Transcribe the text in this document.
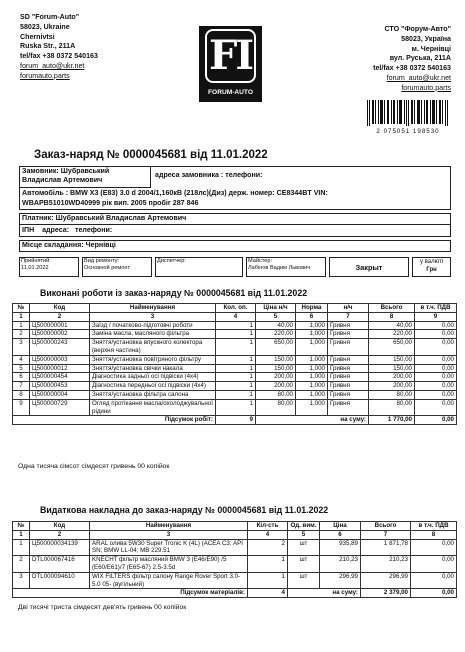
SD "Forum-Auto"
58023, Ukraine
Chernivtsi
Ruska Str., 211A
tel/fax +38 0372 540163
forum_auto@ukr.net
forumauto.parts	FI
FORUM-AUTO
СТО "Форум-Авто"
58023, Україна
м. Чернівці
вул. Руська, 211А
tel/fax +38 0372 540163
forum_auto@ukr.net
forumauto.parts
2 075051 198530
Заказ-наряд № 0000045681 від 11.01.2022
Замовник: Шубравський Владислав Артемович
адреса замовника : телефони:
Автомобіль : BMW X3 (E83) 3.0 d 2004/1,160кВ (218лс)(Диз) держ. номер: CE8344BT VIN:
WBAPB51010WD40999 рік вип. 2005 пробіг 287 846
Платник: Шубравський Владислав Артемович
ІПН адреса: телефони:
Місце складання: Чернівці
Прийнятий:
11.01.2022
Вид ремонту:
Основной ремонт
Диспетчер:	Майстер:
Лабінов Вадим Львович	Закрыт
у валюті
Грн
Виконані роботи із заказ-наряду № 0000045681 від 11.01.2022
№	Код	Найменування	Кол. оп.	Ціна н/ч	Норма	н/ч	Всього	в т.ч. ПДВ
1	2	3	4	5	6	7	8	9
1	Ц500000001	Заїзд / початково-підготовчі роботи	1	40,00	1,000	Гривня	40,00	0,00
2	Ц500000002	Заміна масла, масляного фільтра	1	220,00	1,000	Гривня	220,00	0,00
3	Ц500000243	Зняття/установка впускного колектора (верхня частина)	1	650,00	1,000	Гривня	650,00	0,00
4	Ц500000003	Зняття/установка повітряного фільтру	1	150,00	1,000	Гривня	150,00	0,00
5	Ц500000012	Зняття/установка свічки накала	1	150,00	1,000	Гривня	150,00	0,00
6	Ц500000454	Діагностика задньої осі підвіски (4x4)	1	200,00	1,000	Гривня	200,00	0,00
7	Ц500000453	Діагностика передньої осі підвіски (4x4)	1	200,00	1,000	Гривня	200,00	0,00
8	Ц500000004	Зняття/установка фільтра салона	1	80,00	1,000	Гривня	80,00	0,00
9	Ц500000729	Огляд протікання масла/охолоджувальної рідини	1	80,00	1,000	Гривня	80,00	0,00
Підсумок робіт:			9	на суму:			1 770,00	0,00
Одна тисяча сімсот сімдесят гривень 00 копійок
Видаткова накладна до заказ-наряду № 0000045681 від 11.01.2022
№	Код	Найменування	Кіл-сть	Од. вим.	Ціна	Всього	в т.ч. ПДВ
1	2	3	4	5	6	7	8
1	Ц500000034139	ARAL олива 5W30 Super Tronic K (4L) (ACEA C3; API SN; BMW LL-04; MB 229.51	2	шт	935,89	1 871,78	0,00
2	DTL000067416	KNECHT фільтр масляний BMW 3 (E46/E90) /5 (E60/E61)/7 (E65-67) 2.5-3.5d	1	шт	210,23	210,23	0,00
3	DTL000094610	WIX FILTERS фільтр салону Range Rover Sport 3.0-5.0 05- (вугільний)	1	шт	296,99	296,99	0,00
Підсумок матеріалів:			4	на суму:		2 379,00	0,00
Дві тисячі триста сімдесят дев'ять гривень 00 копійок
